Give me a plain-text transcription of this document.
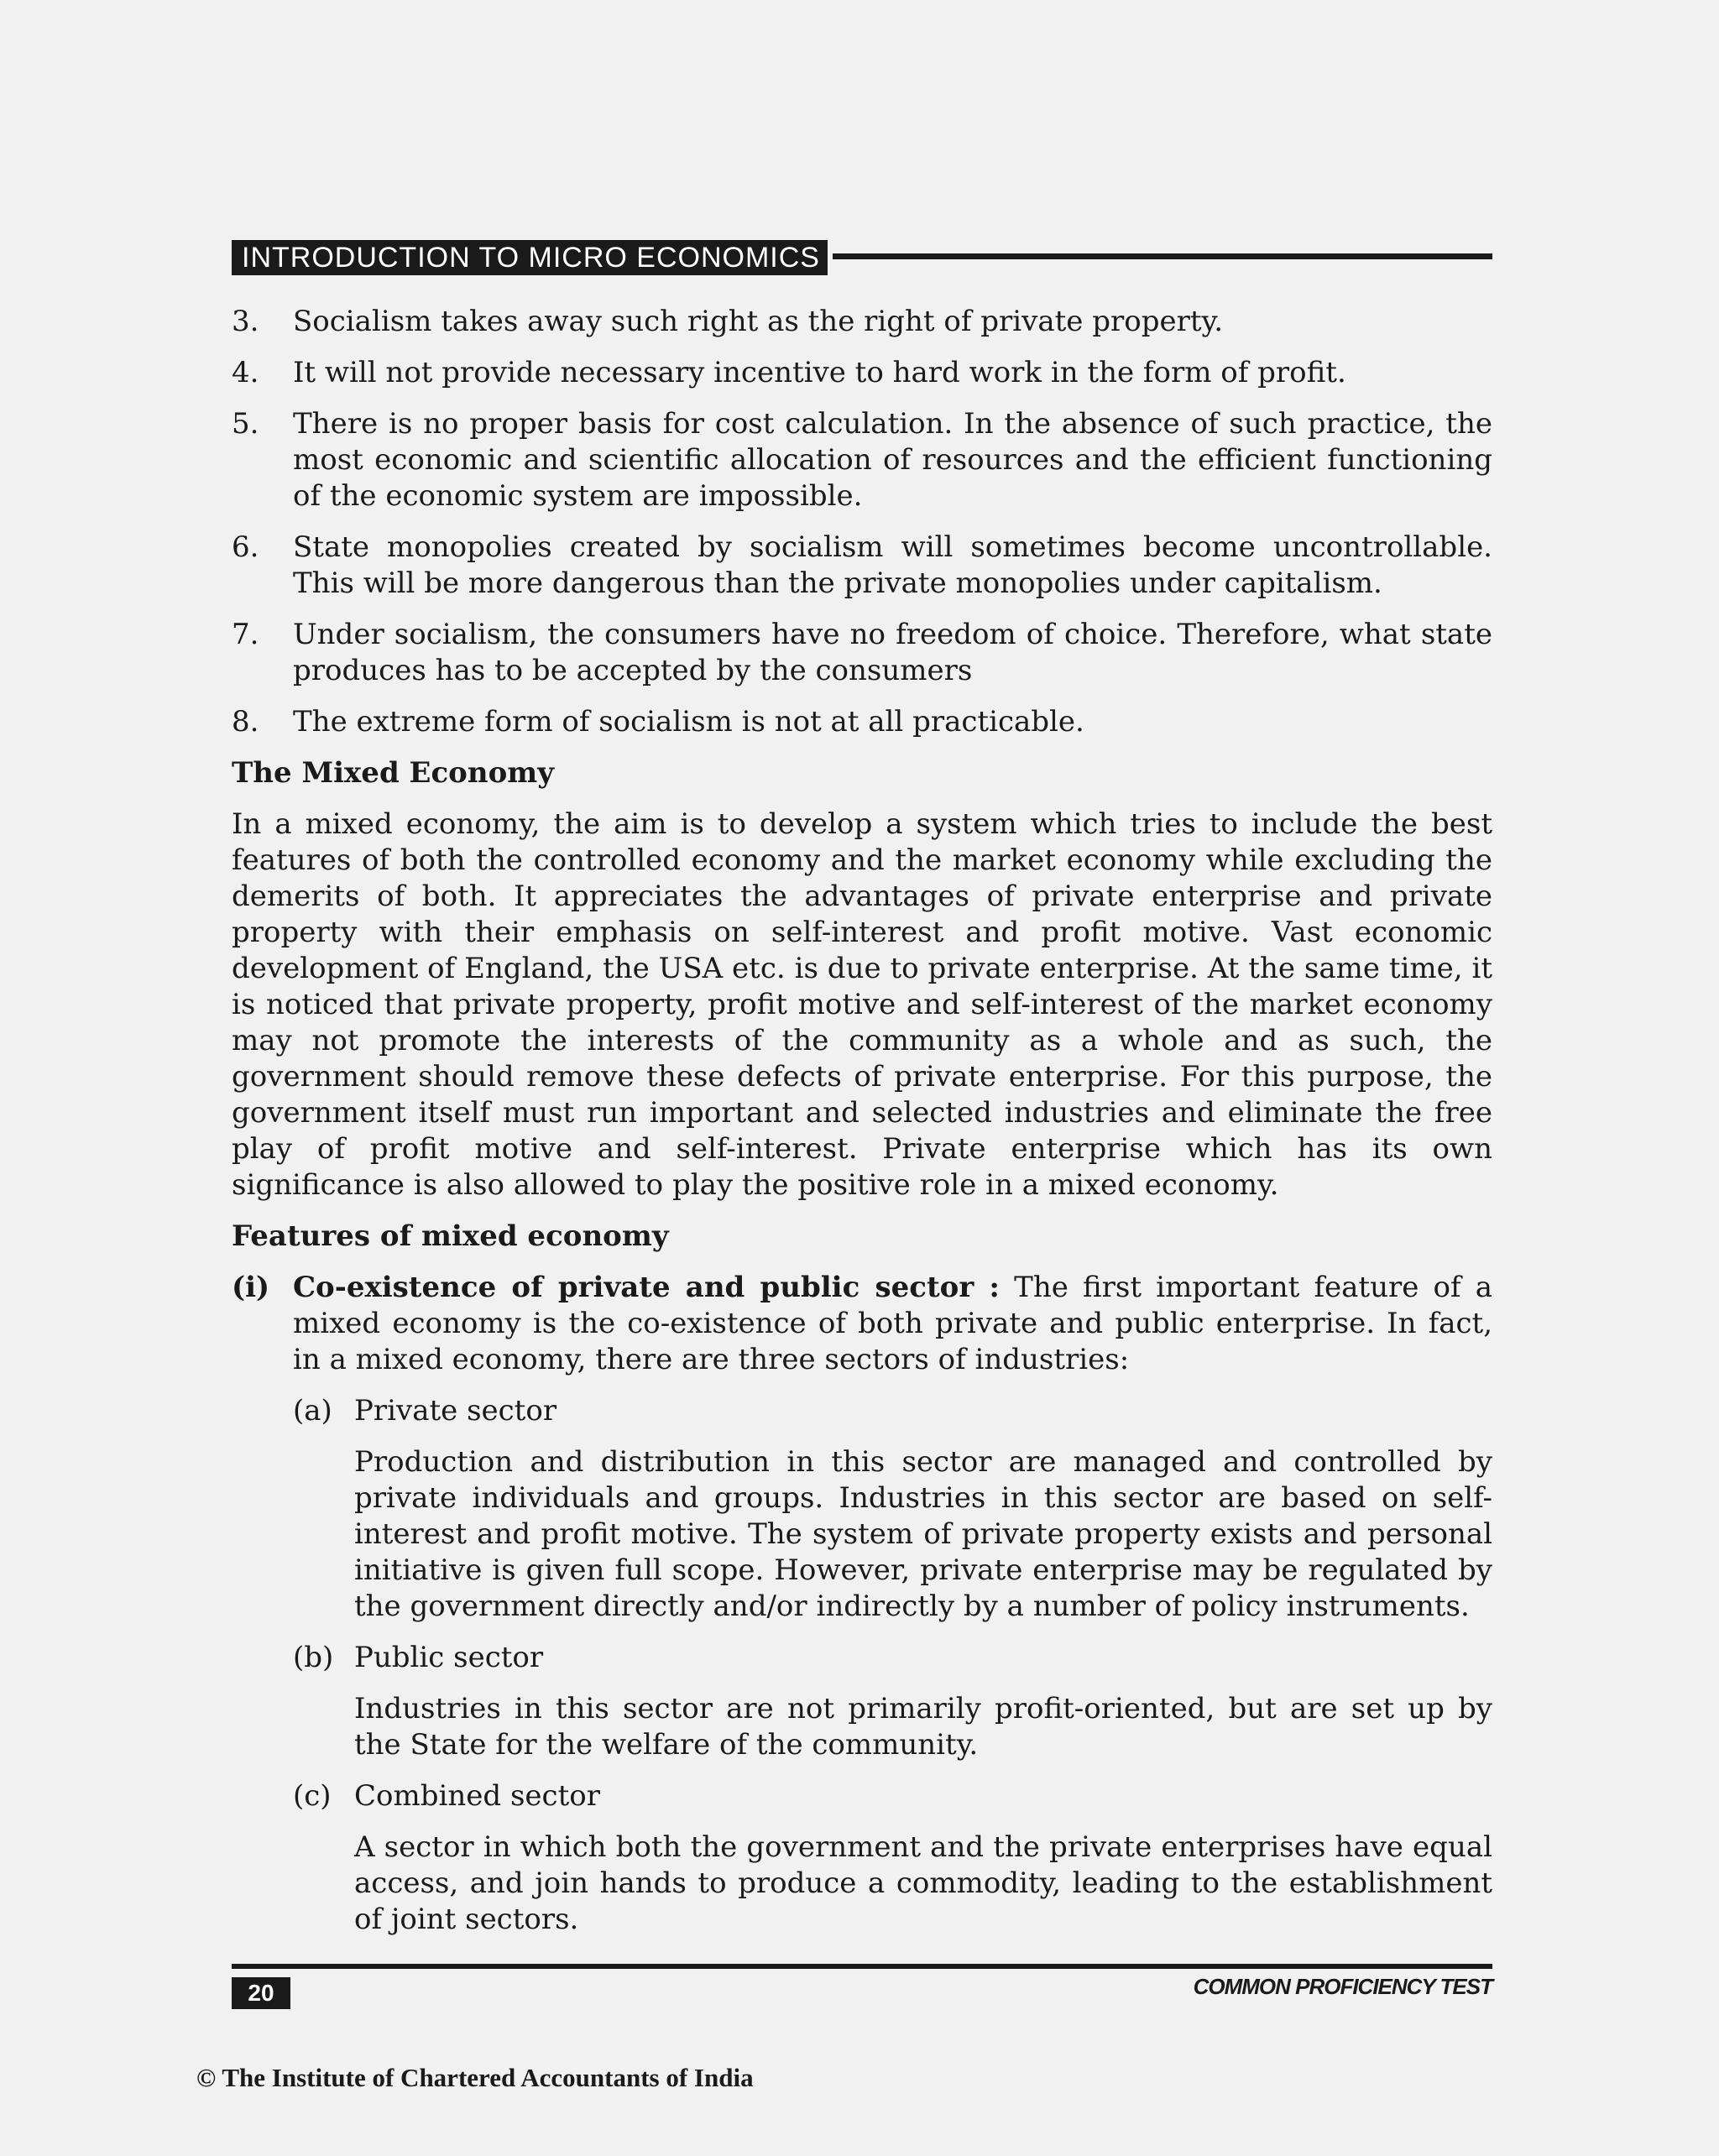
INTRODUCTION TO MICRO ECONOMICS
3.	Socialism takes away such right as the right of private property.
4.	It will not provide necessary incentive to hard work in the form of profit.
5.	There is no proper basis for cost calculation. In the absence of such practice, the most economic and scientific allocation of resources and the efficient functioning of the economic system are impossible.
6.	State monopolies created by socialism will sometimes become uncontrollable. This will be more dangerous than the private monopolies under capitalism.
7.	Under socialism, the consumers have no freedom of choice. Therefore, what state produces has to be accepted by the consumers
8.	The extreme form of socialism is not at all practicable.
The Mixed Economy
In a mixed economy, the aim is to develop a system which tries to include the best features of both the controlled economy and the market economy while excluding the demerits of both. It appreciates the advantages of private enterprise and private property with their emphasis on self-interest and profit motive. Vast economic development of England, the USA etc. is due to private enterprise. At the same time, it is noticed that private property, profit motive and self-interest of the market economy may not promote the interests of the community as a whole and as such, the government should remove these defects of private enterprise. For this purpose, the government itself must run important and selected industries and eliminate the free play of profit motive and self-interest. Private enterprise which has its own significance is also allowed to play the positive role in a mixed economy.
Features of mixed economy
(i) Co-existence of private and public sector : The first important feature of a mixed economy is the co-existence of both private and public enterprise. In fact, in a mixed economy, there are three sectors of industries:
(a) Private sector
Production and distribution in this sector are managed and controlled by private individuals and groups. Industries in this sector are based on self-interest and profit motive. The system of private property exists and personal initiative is given full scope. However, private enterprise may be regulated by the government directly and/or indirectly by a number of policy instruments.
(b) Public sector
Industries in this sector are not primarily profit-oriented, but are set up by the State for the welfare of the community.
(c) Combined sector
A sector in which both the government and the private enterprises have equal access, and join hands to produce a commodity, leading to the establishment of joint sectors.
20	COMMON PROFICIENCY TEST
© The Institute of Chartered Accountants of India
